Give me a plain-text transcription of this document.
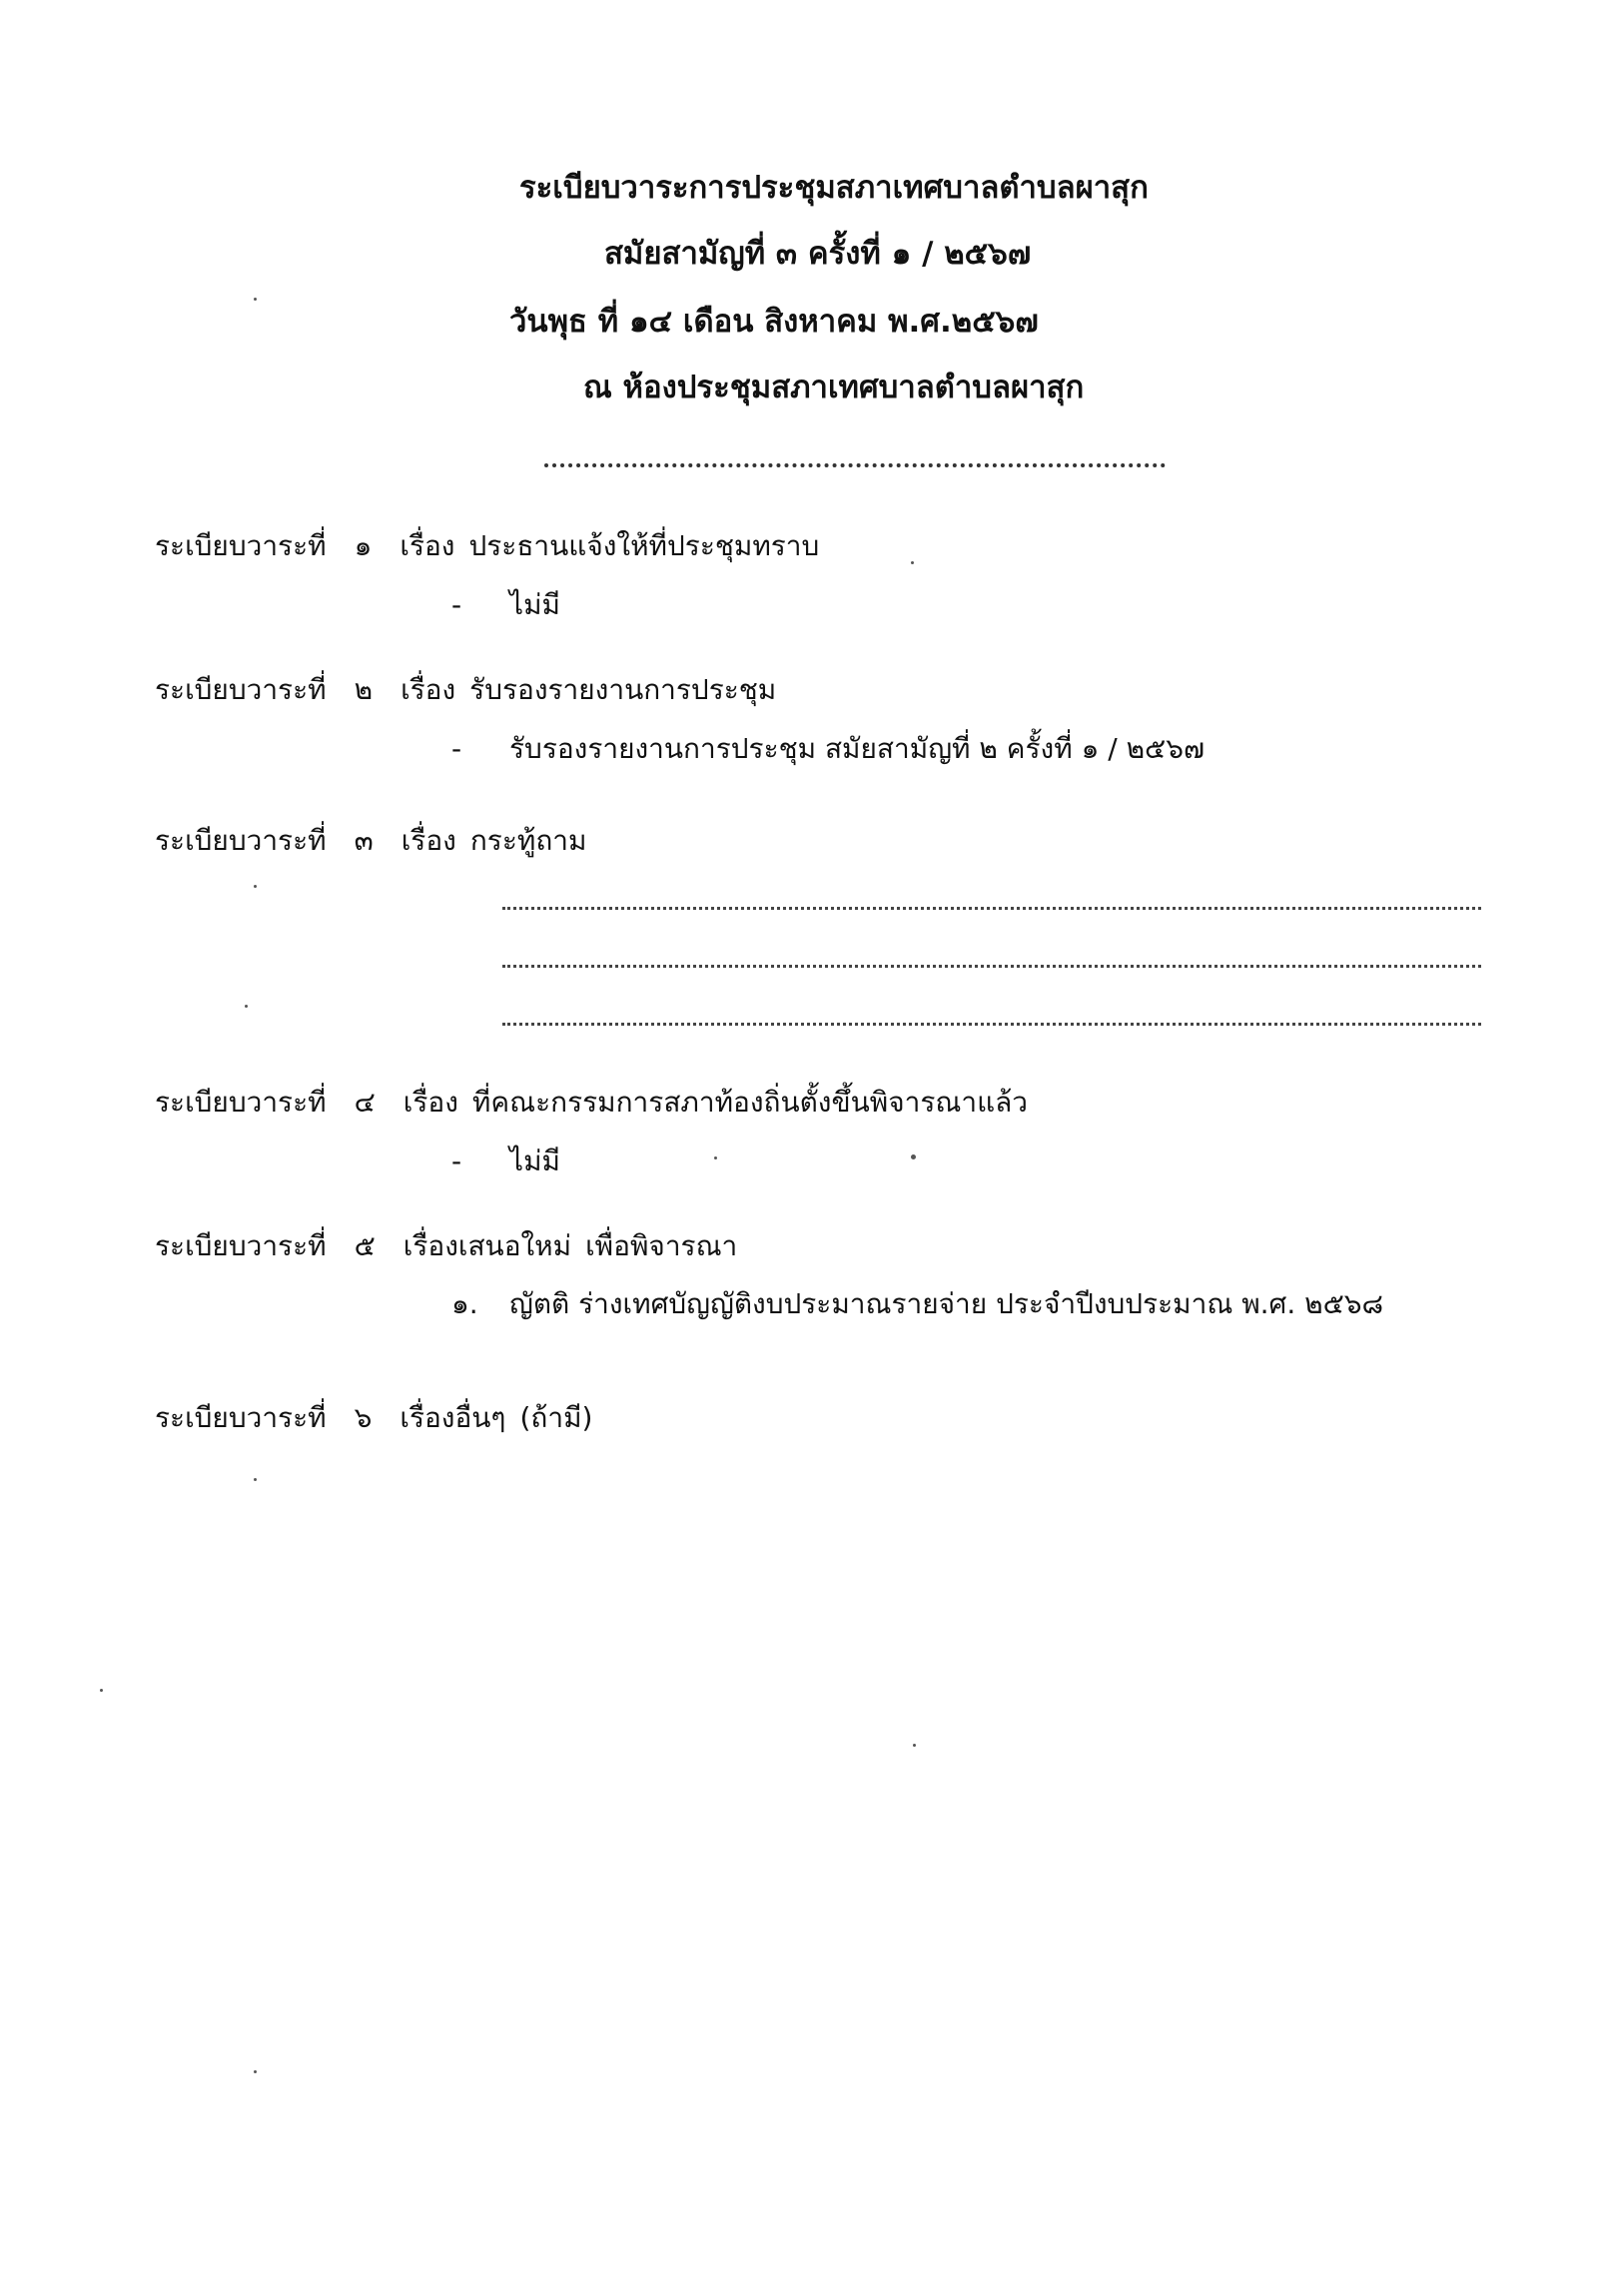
ระเบียบวาระการประชุมสภาเทศบาลตำบลผาสุก
สมัยสามัญที่ ๓ ครั้งที่ ๑ / ๒๕๖๗
วันพุธ ที่ ๑๔ เดือน สิงหาคม พ.ศ.๒๕๖๗
ณ ห้องประชุมสภาเทศบาลตำบลผาสุก
ระเบียบวาระที่ ๑ เรื่อง ประธานแจ้งให้ที่ประชุมทราบ
- ไม่มี
ระเบียบวาระที่ ๒ เรื่อง รับรองรายงานการประชุม
- รับรองรายงานการประชุม สมัยสามัญที่ ๒ ครั้งที่ ๑ / ๒๕๖๗
ระเบียบวาระที่ ๓ เรื่อง กระทู้ถาม
ระเบียบวาระที่ ๔ เรื่อง ที่คณะกรรมการสภาท้องถิ่นตั้งขึ้นพิจารณาแล้ว
- ไม่มี
ระเบียบวาระที่ ๕ เรื่องเสนอใหม่ เพื่อพิจารณา
๑. ญัตติ ร่างเทศบัญญัติงบประมาณรายจ่าย ประจำปีงบประมาณ พ.ศ. ๒๕๖๘
ระเบียบวาระที่ ๖ เรื่องอื่นๆ (ถ้ามี)
